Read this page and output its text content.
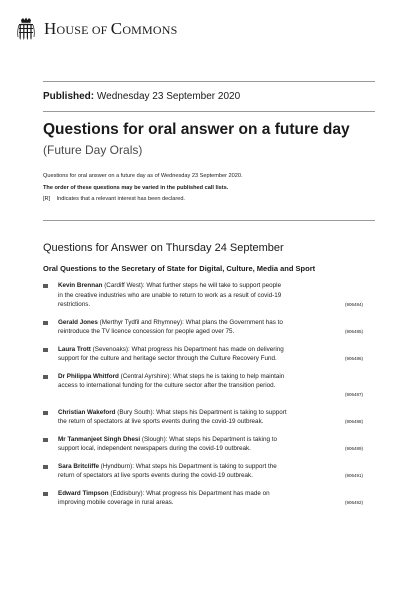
HOUSE OF COMMONS
Published: Wednesday 23 September 2020
Questions for oral answer on a future day
(Future Day Orals)
Questions for oral answer on a future day as of Wednesday 23 September 2020.
The order of these questions may be varied in the published call lists.
[R] Indicates that a relevant interest has been declared.
Questions for Answer on Thursday 24 September
Oral Questions to the Secretary of State for Digital, Culture, Media and Sport
Kevin Brennan (Cardiff West): What further steps he will take to support people
in the creative industries who are unable to return to work as a result of covid-19
restrictions.	(906484)
Gerald Jones (Merthyr Tydfil and Rhymney): What plans the Government has to
reintroduce the TV licence concession for people aged over 75.	(906485)
Laura Trott (Sevenoaks): What progress his Department has made on delivering
support for the culture and heritage sector through the Culture Recovery Fund.	(906486)
Dr Philippa Whitford (Central Ayrshire): What steps he is taking to help maintain
access to international funding for the culture sector after the transition period.
(906487)
Christian Wakeford (Bury South): What steps his Department is taking to support
the return of spectators at live sports events during the covid-19 outbreak.	(906488)
Mr Tanmanjeet Singh Dhesi (Slough): What steps his Department is taking to
support local, independent newspapers during the covid-19 outbreak.	(906489)
Sara Britcliffe (Hyndburn): What steps his Department is taking to support the
return of spectators at live sports events during the covid-19 outbreak.	(906491)
Edward Timpson (Eddisbury): What progress his Department has made on
improving mobile coverage in rural areas.	(906492)
